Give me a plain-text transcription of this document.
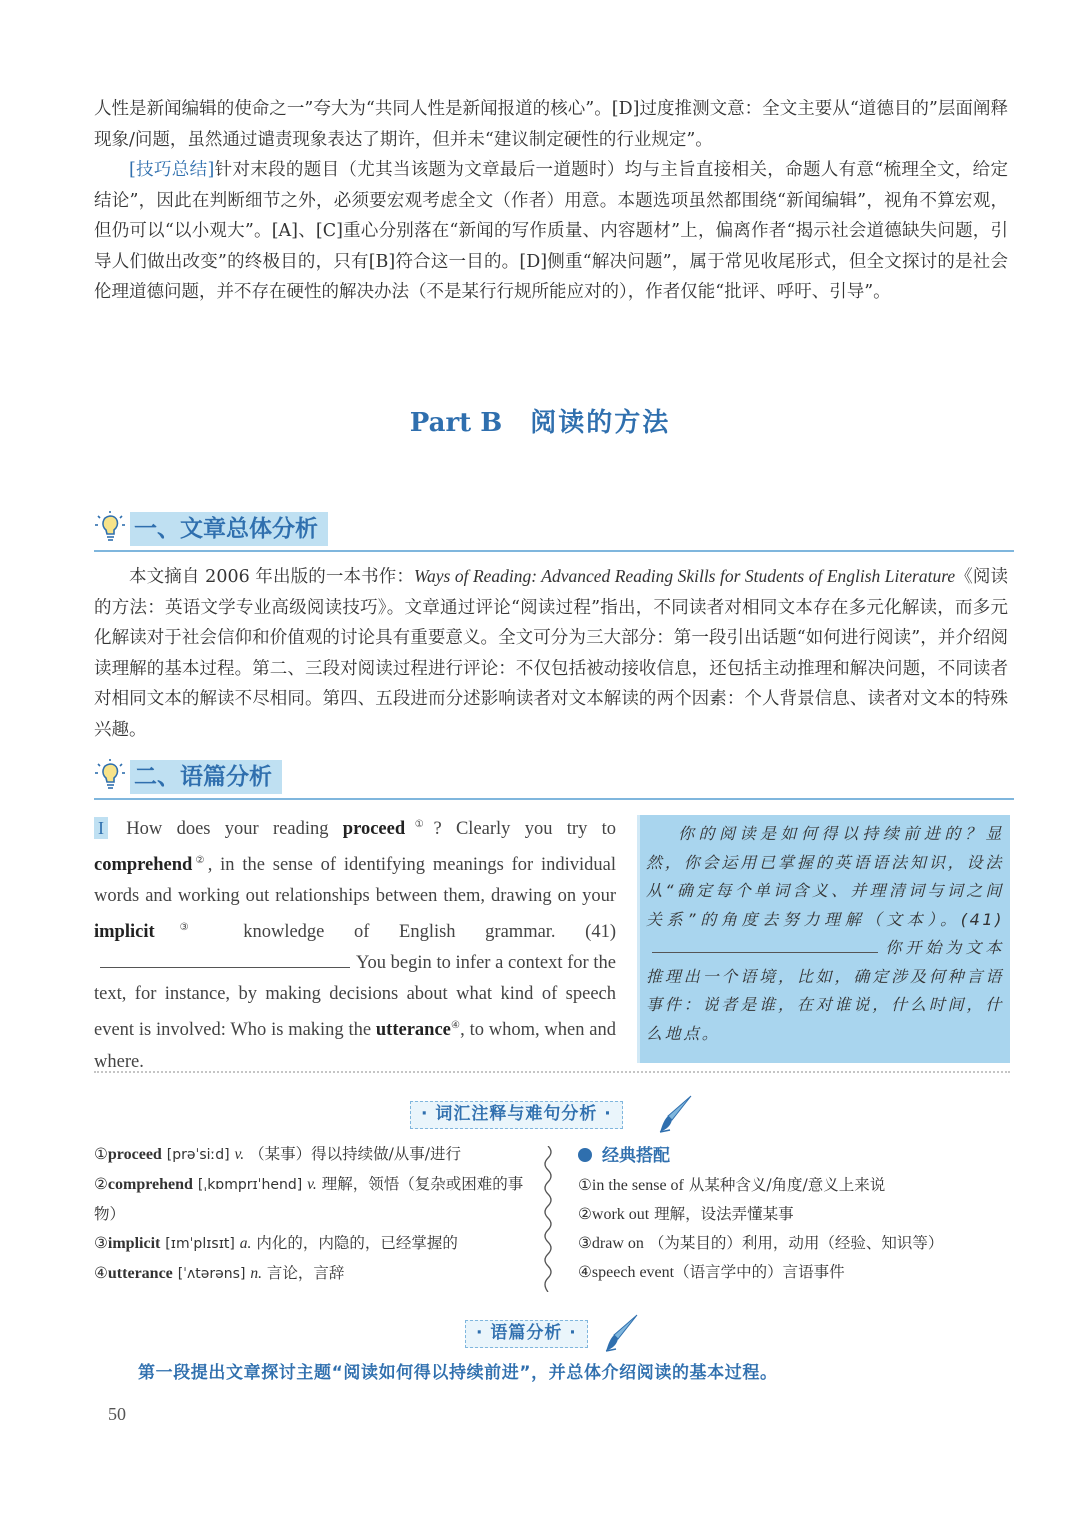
人性是新闻编辑的使命之一”夸大为“共同人性是新闻报道的核心”。[D]过度推测文意：全文主要从“道德目的”层面阐释现象/问题，虽然通过谴责现象表达了期许，但并未“建议制定硬性的行业规定”。

[技巧总结]针对末段的题目（尤其当该题为文章最后一道题时）均与主旨直接相关，命题人有意“梳理全文，给定结论”，因此在判断细节之外，必须要宏观考虑全文（作者）用意。本题选项虽然都围绕“新闻编辑”，视角不算宏观，但仍可以“以小观大”。[A]、[C]重心分别落在“新闻的写作质量、内容题材”上，偏离作者“揭示社会道德缺失问题，引导人们做出改变”的终极目的，只有[B]符合这一目的。[D]侧重“解决问题”，属于常见收尾形式，但全文探讨的是社会伦理道德问题，并不存在硬性的解决办法（不是某行行规所能应对的），作者仅能“批评、呼吁、引导”。

Part B 阅读的方法
一、文章总体分析

本文摘自 2006 年出版的一本书作：Ways of Reading: Advanced Reading Skills for Students of English Literature《阅读的方法：英语文学专业高级阅读技巧》。文章通过评论“阅读过程”指出，不同读者对相同文本存在多元化解读，而多元化解读对于社会信仰和价值观的讨论具有重要意义。全文可分为三大部分：第一段引出话题“如何进行阅读”，并介绍阅读理解的基本过程。第二、三段对阅读过程进行评论：不仅包括被动接收信息，还包括主动推理和解决问题，不同读者对相同文本的解读不尽相同。第四、五段进而分述影响读者对文本解读的两个因素：个人背景信息、读者对文本的特殊兴趣。

二、语篇分析

I How does your reading proceed①? Clearly you try to comprehend②, in the sense of identifying meanings for individual words and working out relationships between them, drawing on your implicit③ knowledge of English grammar. (41)You begin to infer a context for the text, for instance, by making decisions about what kind of speech event is involved: Who is making the utterance④, to whom, when and where.

你的阅读是如何得以持续前进的？显然，你会运用已掌握的英语语法知识，设法从“确定每个单词含义、并理清词与词之间关系”的角度去努力理解（文本）。(41)你开始为文本推理出一个语境，比如，确定涉及何种言语事件：说者是谁，在对谁说，什么时间，什么地点。

· 词汇注释与难句分析 ·
①proceed [prəˈsiːd] v. （某事）得以持续做/从事/进行
②comprehend [ˌkɒmprɪˈhend] v. 理解，领悟（复杂或困难的事物）
③implicit [ɪmˈplɪsɪt] a. 内化的，内隐的，已经掌握的
④utterance [ˈʌtərəns] n. 言论，言辞
经典搭配
①in the sense of 从某种含义/角度/意义上来说
②work out 理解，设法弄懂某事
③draw on （为某目的）利用，动用（经验、知识等）
④speech event（语言学中的）言语事件
· 语篇分析 ·
第一段提出文章探讨主题“阅读如何得以持续前进”，并总体介绍阅读的基本过程。
50
